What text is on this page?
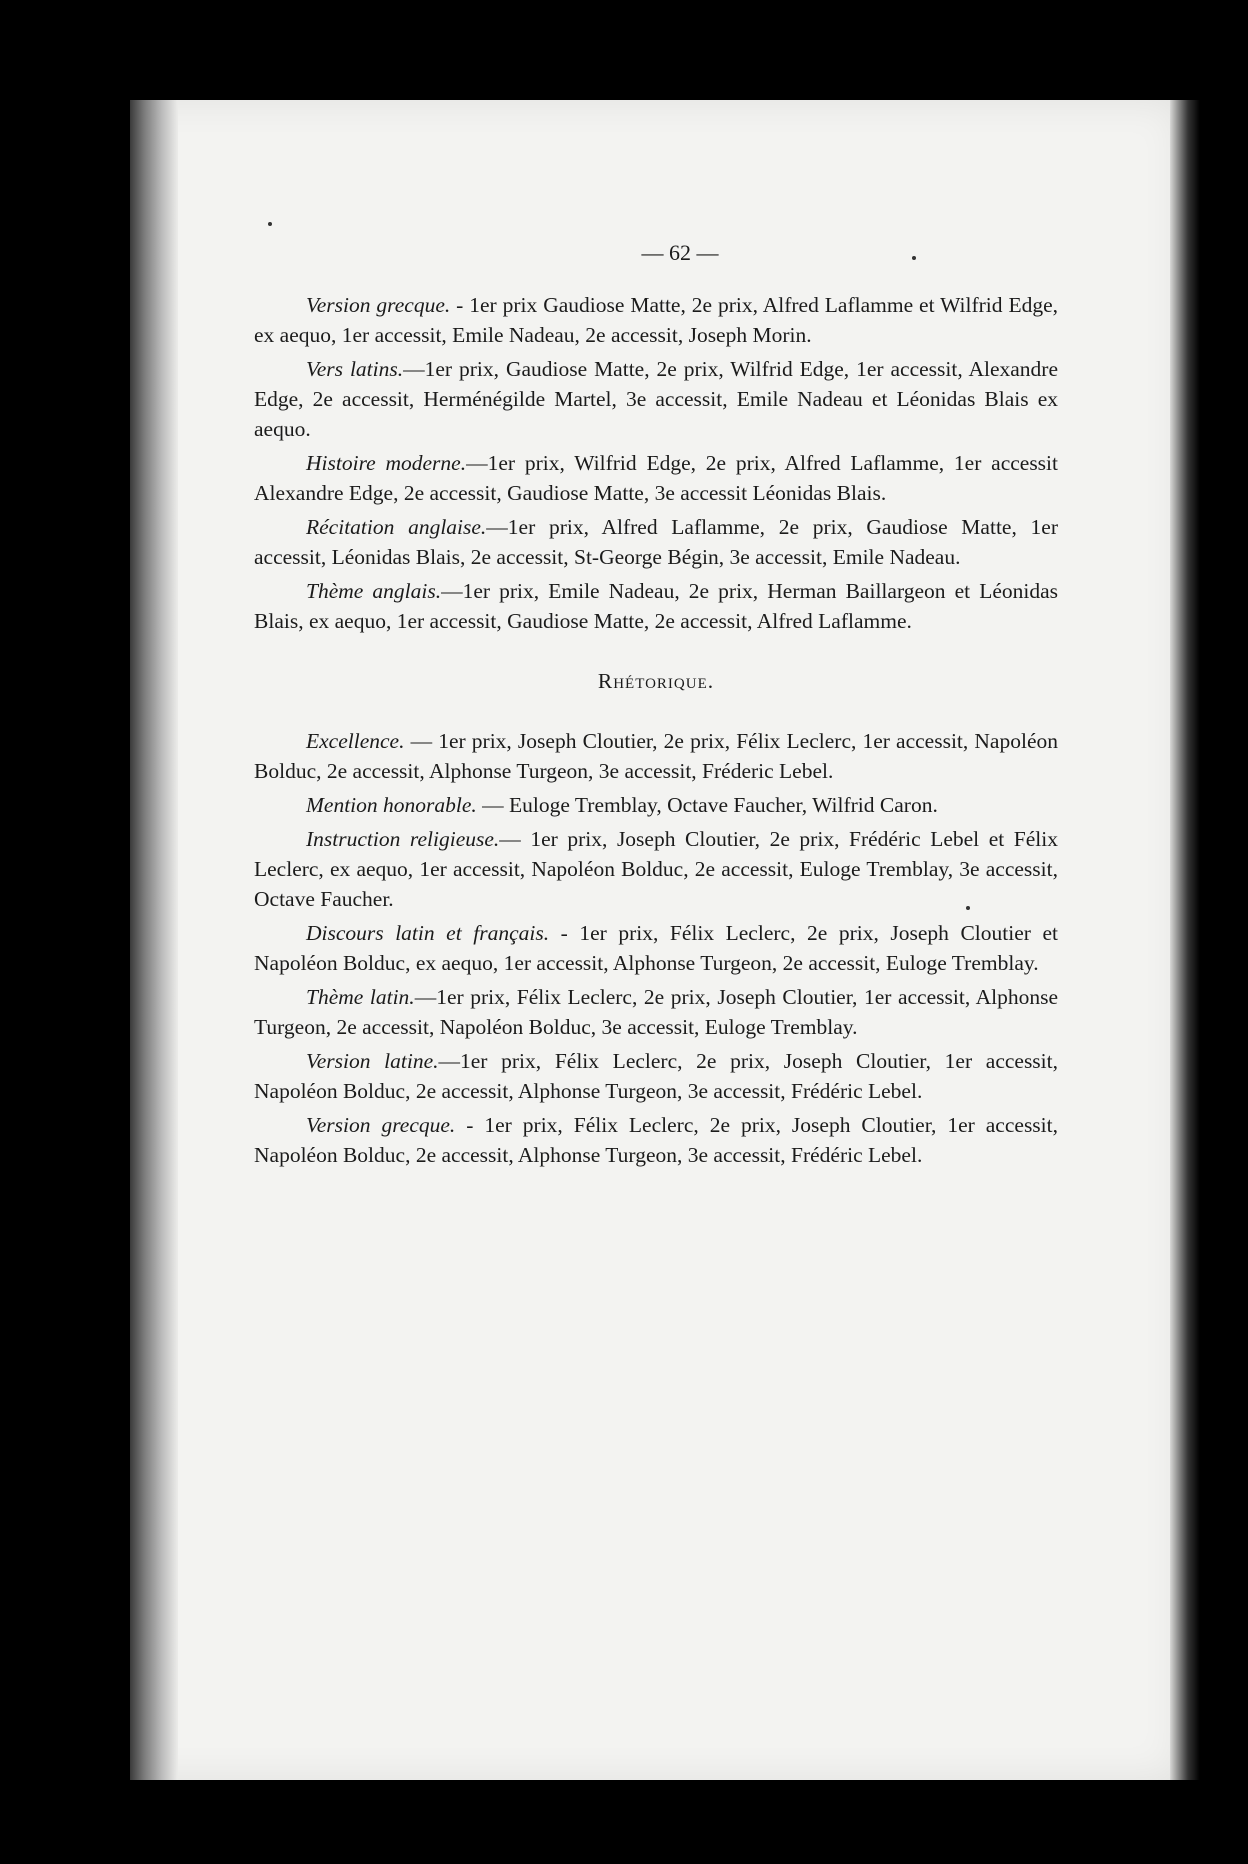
— 62 —

Version grecque. - 1er prix Gaudiose Matte, 2e prix, Alfred Laflamme et Wilfrid Edge, ex aequo, 1er accessit, Emile Nadeau, 2e accessit, Joseph Morin.

Vers latins.—1er prix, Gaudiose Matte, 2e prix, Wilfrid Edge, 1er accessit, Alexandre Edge, 2e accessit, Herménégilde Martel, 3e accessit, Emile Nadeau et Léonidas Blais ex aequo.

Histoire moderne.—1er prix, Wilfrid Edge, 2e prix, Alfred Laflamme, 1er accessit Alexandre Edge, 2e accessit, Gaudiose Matte, 3e accessit Léonidas Blais.

Récitation anglaise.—1er prix, Alfred Laflamme, 2e prix, Gaudiose Matte, 1er accessit, Léonidas Blais, 2e accessit, St-George Bégin, 3e accessit, Emile Nadeau.

Thème anglais.—1er prix, Emile Nadeau, 2e prix, Herman Baillargeon et Léonidas Blais, ex aequo, 1er accessit, Gaudiose Matte, 2e accessit, Alfred Laflamme.

Rhétorique.

Excellence. — 1er prix, Joseph Cloutier, 2e prix, Félix Leclerc, 1er accessit, Napoléon Bolduc, 2e accessit, Alphonse Turgeon, 3e accessit, Fréderic Lebel.

Mention honorable. — Euloge Tremblay, Octave Faucher, Wilfrid Caron.

Instruction religieuse.— 1er prix, Joseph Cloutier, 2e prix, Frédéric Lebel et Félix Leclerc, ex aequo, 1er accessit, Napoléon Bolduc, 2e accessit, Euloge Tremblay, 3e accessit, Octave Faucher.

Discours latin et français. - 1er prix, Félix Leclerc, 2e prix, Joseph Cloutier et Napoléon Bolduc, ex aequo, 1er accessit, Alphonse Turgeon, 2e accessit, Euloge Tremblay.

Thème latin.—1er prix, Félix Leclerc, 2e prix, Joseph Cloutier, 1er accessit, Alphonse Turgeon, 2e accessit, Napoléon Bolduc, 3e accessit, Euloge Tremblay.

Version latine.—1er prix, Félix Leclerc, 2e prix, Joseph Cloutier, 1er accessit, Napoléon Bolduc, 2e accessit, Alphonse Turgeon, 3e accessit, Frédéric Lebel.

Version grecque. - 1er prix, Félix Leclerc, 2e prix, Joseph Cloutier, 1er accessit, Napoléon Bolduc, 2e accessit, Alphonse Turgeon, 3e accessit, Frédéric Lebel.
